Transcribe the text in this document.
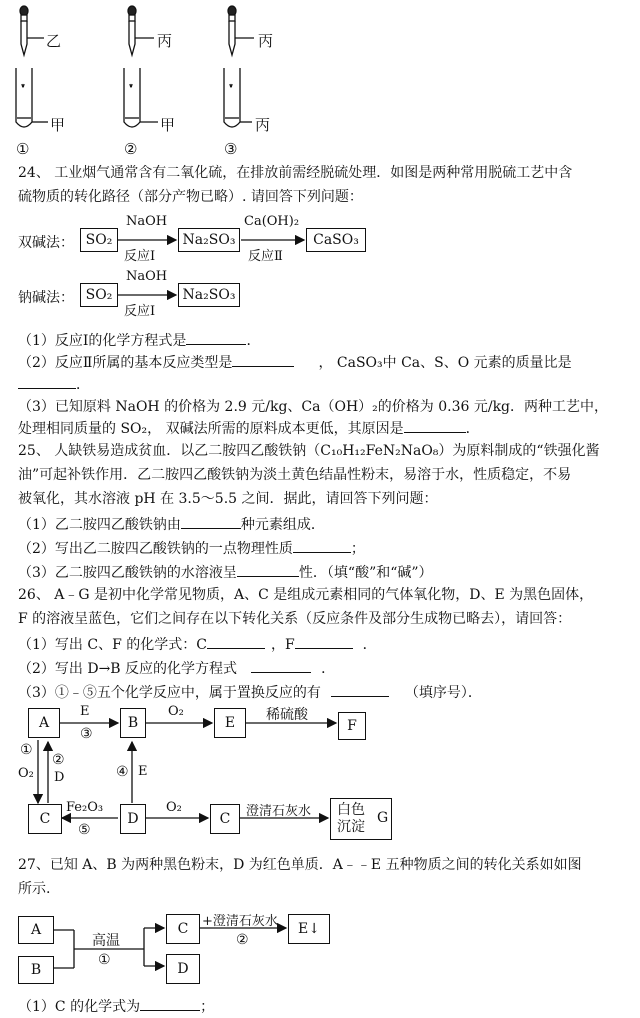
乙	丙	丙
甲	甲	丙
①	②	③
24、 工业烟气通常含有二氧化硫，在排放前需经脱硫处理．如图是两种常用脱硫工艺中含
硫物质的转化路径（部分产物已略）. 请回答下列问题：
双碱法： SO₂	Na₂SO₃	CaSO₃
NaOH
反应Ⅰ
Ca(OH)₂
反应Ⅱ
钠碱法： SO₂	Na₂SO₃
NaOH
反应Ⅰ
（1）反应Ⅰ的化学方程式是	．
（2）反应Ⅱ所属的基本反应类型是	， CaSO₃中 Ca、S、O 元素的质量比是
．
（3）已知原料 NaOH 的价格为 2.9 元/kg、Ca（OH）₂的价格为 0.36 元/kg．两种工艺中，
处理相同质量的 SO₂， 双碱法所需的原料成本更低，其原因是	．
25、 人缺铁易造成贫血．以乙二胺四乙酸铁钠（C₁₀H₁₂FeN₂NaO₈）为原料制成的“铁强化酱
油”可起补铁作用．乙二胺四乙酸铁钠为淡土黄色结晶性粉末，易溶于水，性质稳定，不易
被氧化，其水溶液 pH 在 3.5～5.5 之间．据此，请回答下列问题：
（1）乙二胺四乙酸铁钠由	种元素组成．
（2）写出乙二胺四乙酸铁钠的一点物理性质	；
（3）乙二胺四乙酸铁钠的水溶液呈	性．（填“酸”和“碱”）
26、 A﹣G 是初中化学常见物质，A、C 是组成元素相同的气体氧化物，D、E 为黑色固体，
F 的溶液呈蓝色，它们之间存在以下转化关系（反应条件及部分生成物已略去），请回答：
（1）写出 C、F 的化学式：C	，F	．
（2）写出 D→B 反应的化学方程式	．
（3）①﹣⑤五个化学反应中，属于置换反应的有	（填序号）．
A	B	E	F
C	D	C
白色
沉淀
G
E
③
O₂	稀硫酸
①
O₂
②
D	④ E
Fe₂O₃
⑤
O₂	澄清石灰水
27、已知 A、B 为两种黑色粉末，D 为红色单质．A﹣﹣E 五种物质之间的转化关系如如图
所示.
A
B
C
D
E↓
高温
①
+澄清石灰水
②
（1）C 的化学式为	；
